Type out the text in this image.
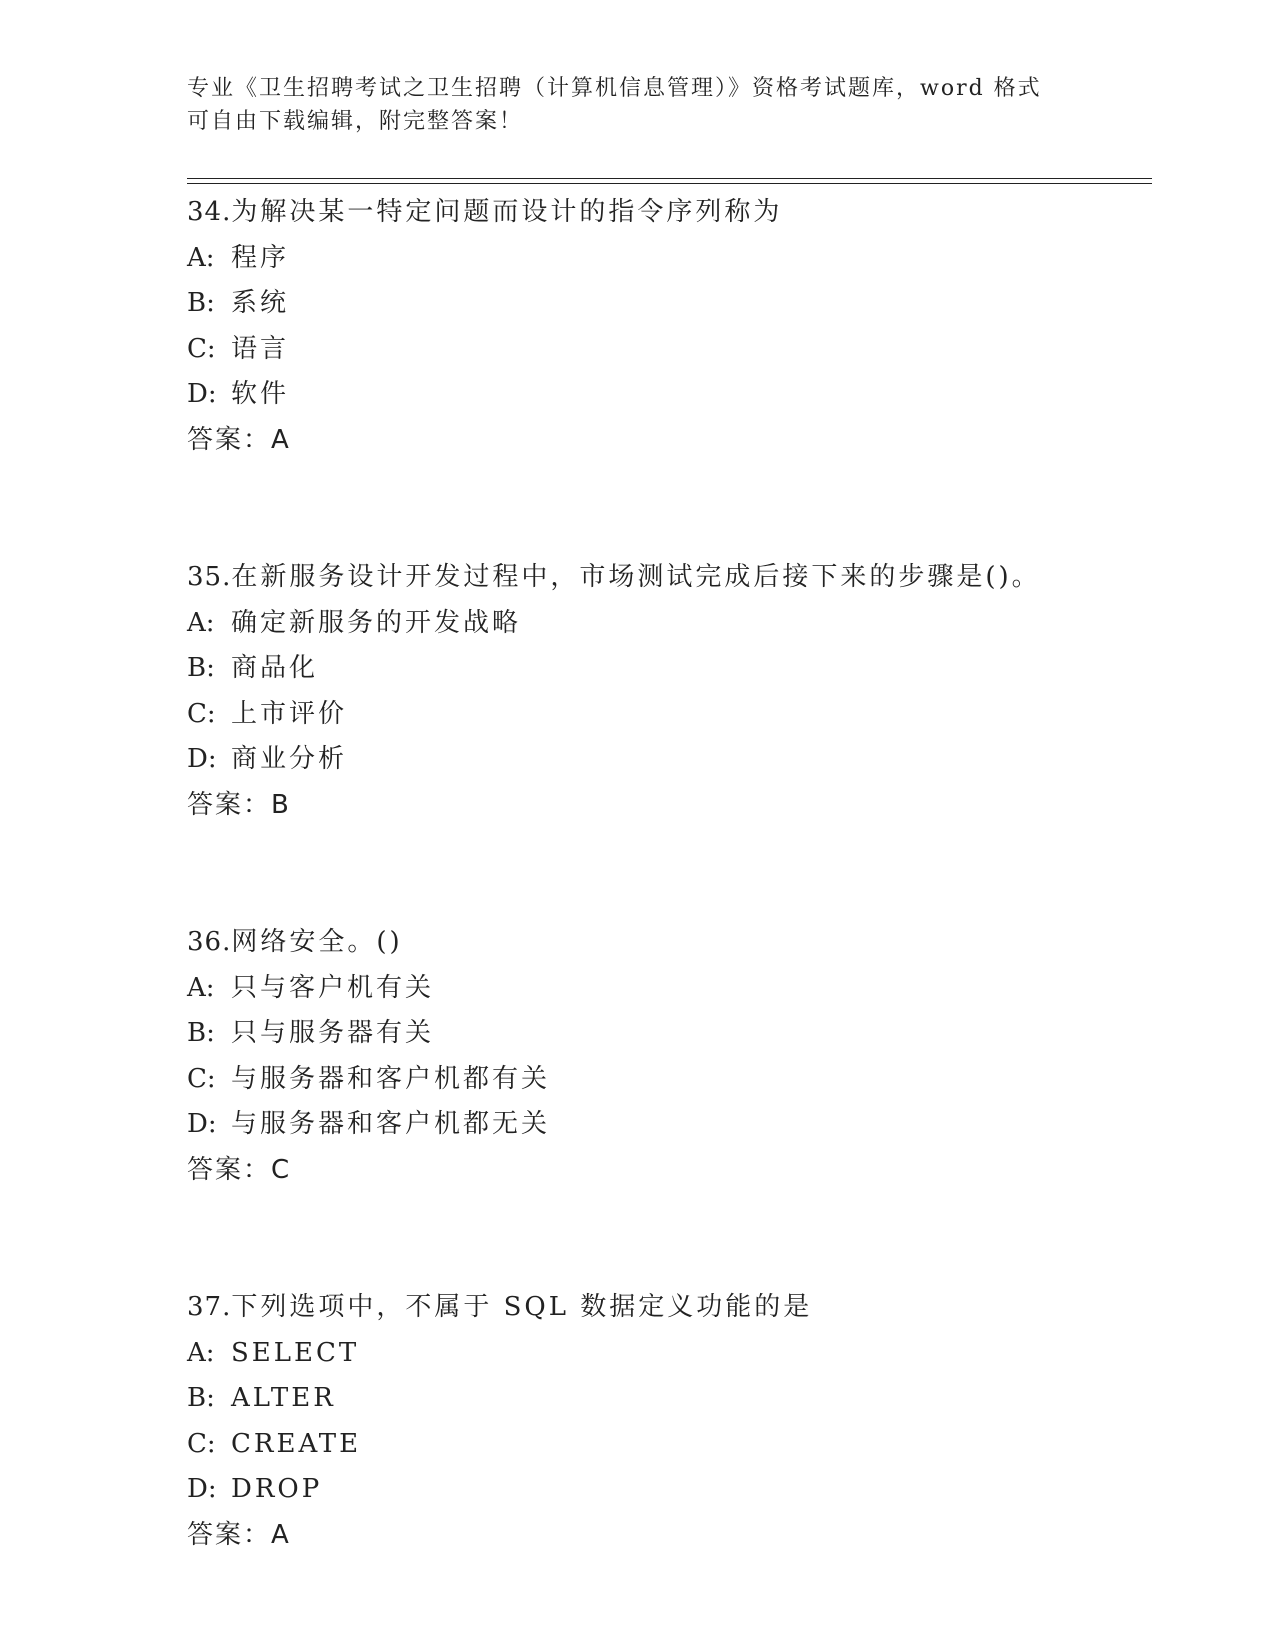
专业《卫生招聘考试之卫生招聘（计算机信息管理）》资格考试题库，word 格式
可自由下载编辑，附完整答案！
34.为解决某一特定问题而设计的指令序列称为
A: 程序
B: 系统
C: 语言
D: 软件
答案：A
35.在新服务设计开发过程中，市场测试完成后接下来的步骤是()。
A: 确定新服务的开发战略
B: 商品化
C: 上市评价
D: 商业分析
答案：B
36.网络安全。()
A: 只与客户机有关
B: 只与服务器有关
C: 与服务器和客户机都有关
D: 与服务器和客户机都无关
答案：C
37.下列选项中，不属于 SQL 数据定义功能的是
A: SELECT
B: ALTER
C: CREATE
D: DROP
答案：A
